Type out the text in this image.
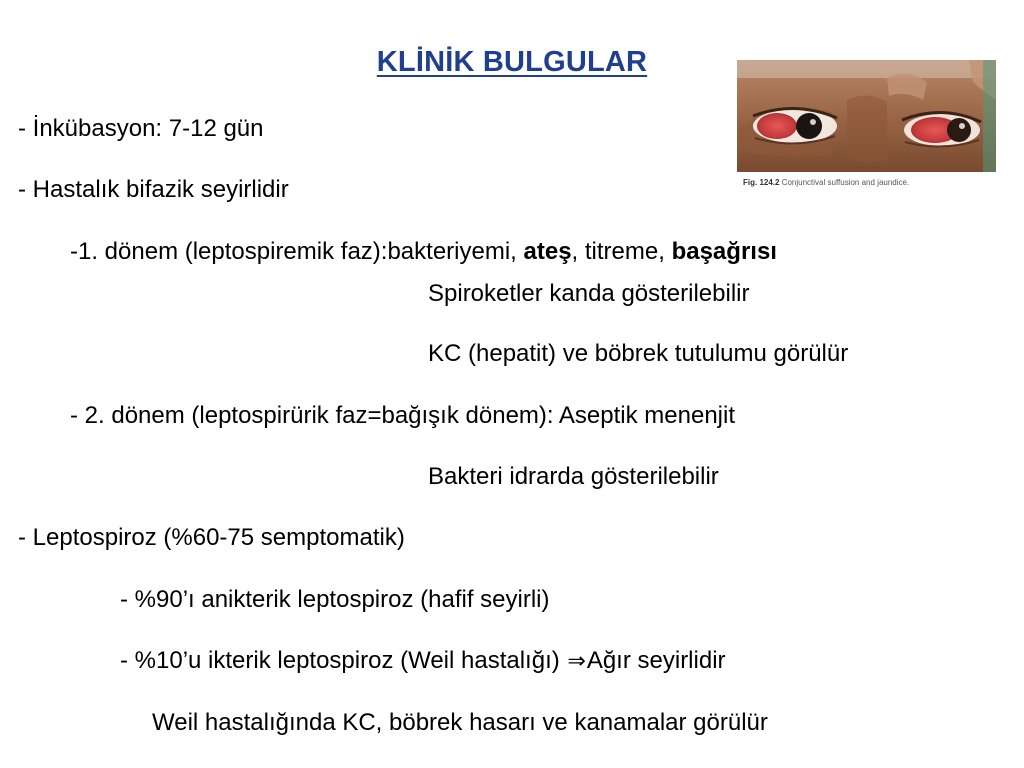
KLİNİK BULGULAR
- İnkübasyon: 7-12 gün
- Hastalık bifazik seyirlidir
-1. dönem (leptospiremik faz):bakteriyemi, ateş, titreme, başağrısı
Spiroketler kanda gösterilebilir
KC (hepatit) ve böbrek tutulumu görülür
- 2. dönem (leptospirürik faz=bağışık dönem): Aseptik menenjit
Bakteri idrarda gösterilebilir
- Leptospiroz (%60-75 semptomatik)
- %90’ı anikterik leptospiroz (hafif seyirli)
- %10’u ikterik leptospiroz (Weil hastalığı) ⇒Ağır seyirlidir
Weil hastalığında KC, böbrek hasarı ve kanamalar görülür
Fig. 124.2 Conjunctival suffusion and jaundice.
